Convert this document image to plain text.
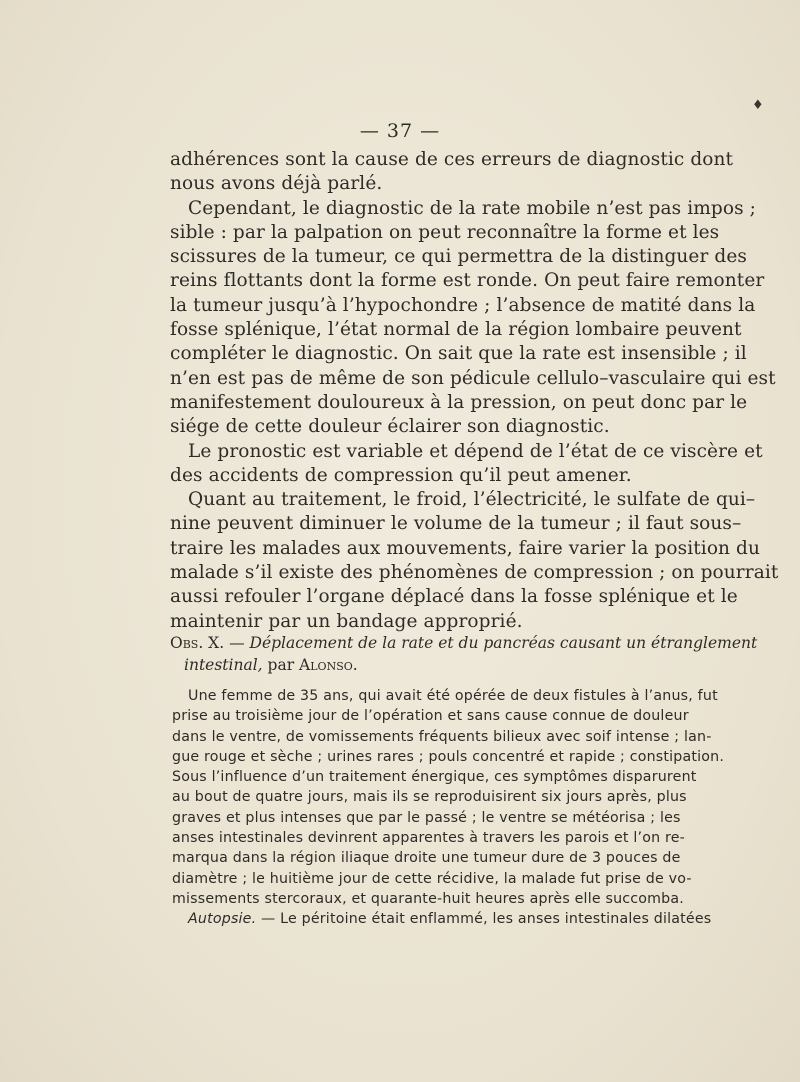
♦
— 37 —
adhérences sont la cause de ces erreurs de diagnostic dont
nous avons déjà parlé.
Cependant, le diagnostic de la rate mobile n’est pas impos ;
sible : par la palpation on peut reconnaître la forme et les
scissures de la tumeur, ce qui permettra de la distinguer des
reins flottants dont la forme est ronde. On peut faire remonter
la tumeur jusqu’à l’hypochondre ; l’absence de matité dans la
fosse splénique, l’état normal de la région lombaire peuvent
compléter le diagnostic. On sait que la rate est insensible ; il
n’en est pas de même de son pédicule cellulo–vasculaire qui est
manifestement douloureux à la pression, on peut donc par le
siége de cette douleur éclairer son diagnostic.
Le pronostic est variable et dépend de l’état de ce viscère et
des accidents de compression qu’il peut amener.
Quant au traitement, le froid, l’électricité, le sulfate de qui–
nine peuvent diminuer le volume de la tumeur ; il faut sous–
traire les malades aux mouvements, faire varier la position du
malade s’il existe des phénomènes de compression ; on pourrait
aussi refouler l’organe déplacé dans la fosse splénique et le
maintenir par un bandage approprié.
Obs. X. — Déplacement de la rate et du pancréas causant un étranglement
intestinal, par Alonso.
Une femme de 35 ans, qui avait été opérée de deux fistules à l’anus, fut
prise au troisième jour de l’opération et sans cause connue de douleur
dans le ventre, de vomissements fréquents bilieux avec soif intense ; lan-
gue rouge et sèche ; urines rares ; pouls concentré et rapide ; constipation.
Sous l’influence d’un traitement énergique, ces symptômes disparurent
au bout de quatre jours, mais ils se reproduisirent six jours après, plus
graves et plus intenses que par le passé ; le ventre se météorisa ; les
anses intestinales devinrent apparentes à travers les parois et l’on re-
marqua dans la région iliaque droite une tumeur dure de 3 pouces de
diamètre ; le huitième jour de cette récidive, la malade fut prise de vo-
missements stercoraux, et quarante-huit heures après elle succomba.
Autopsie. — Le péritoine était enflammé, les anses intestinales dilatées
